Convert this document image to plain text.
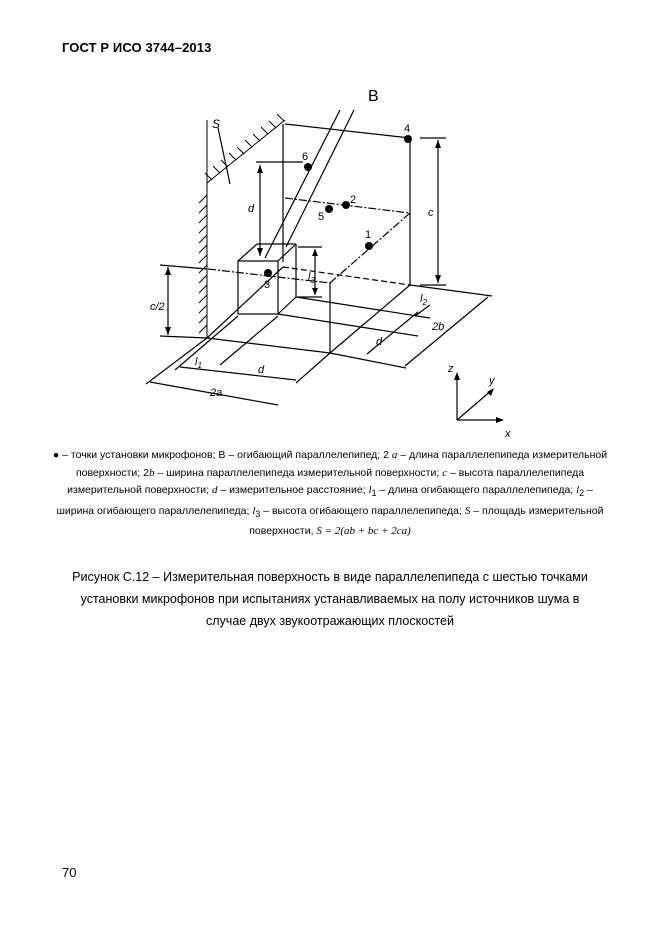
ГОСТ Р ИСО 3744–2013
B
S	4
6
2
5
1
3
d	c
c/2
$l_3$
$l_1$	d
2a
$l_2$
2b
d
z
y
x
● – точки установки микрофонов; В – огибающий параллелепипед; 2 a – длина параллелепипеда измерительной поверхности; 2b – ширина параллелепипеда измерительной поверхности; c – высота параллелепипеда измерительной поверхности; d – измерительное расстояние; $l_1$ – длина огибающего параллелепипеда; $l_2$ – ширина огибающего параллелепипеда; $l_3$ – высота огибающего параллелепипеда; S – площадь измерительной поверхности, S = 2(ab + bc + 2ca)
Рисунок С.12 – Измерительная поверхность в виде параллелепипеда с шестью точками установки микрофонов при испытаниях устанавливаемых на полу источников шума в случае двух звукоотражающих плоскостей
70
